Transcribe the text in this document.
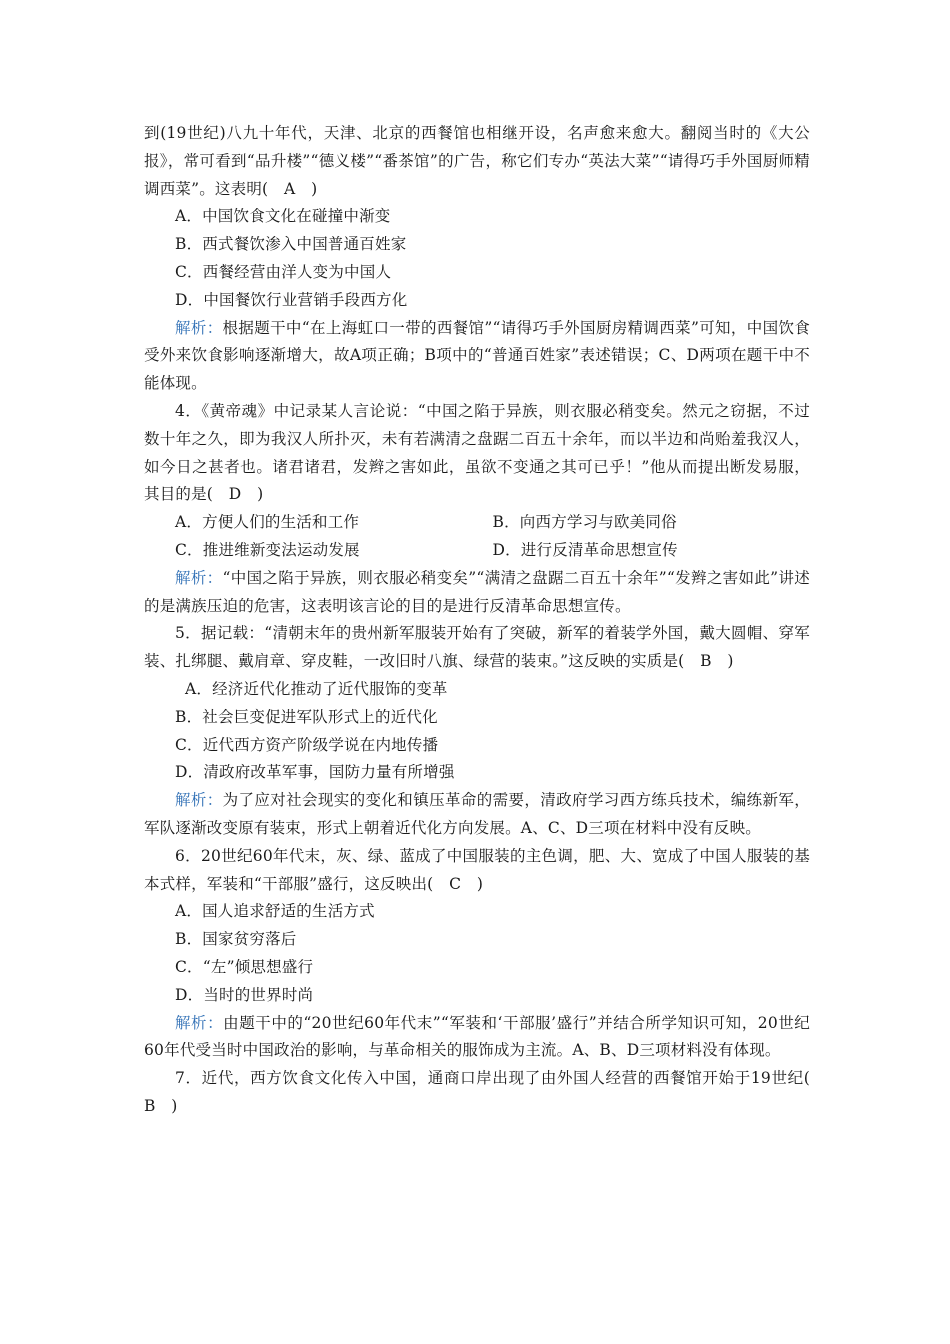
到(19世纪)八九十年代，天津、北京的西餐馆也相继开设，名声愈来愈大。翻阅当时的《大公报》，常可看到“品升楼”“德义楼”“番茶馆”的广告，称它们专办“英法大菜”“请得巧手外国厨师精调西菜”。这表明(　A　)

A．中国饮食文化在碰撞中渐变

B．西式餐饮渗入中国普通百姓家

C．西餐经营由洋人变为中国人

D．中国餐饮行业营销手段西方化

解析：根据题干中“在上海虹口一带的西餐馆”“请得巧手外国厨房精调西菜”可知，中国饮食受外来饮食影响逐渐增大，故A项正确；B项中的“普通百姓家”表述错误；C、D两项在题干中不能体现。

4．《黄帝魂》中记录某人言论说：“中国之陷于异族，则衣服必稍变矣。然元之窃据，不过数十年之久，即为我汉人所扑灭，未有若满清之盘踞二百五十余年，而以半边和尚贻羞我汉人，如今日之甚者也。诸君诸君，发辫之害如此，虽欲不变通之其可已乎！”他从而提出断发易服，其目的是(　D　)

A．方便人们的生活和工作	B．向西方学习与欧美同俗
C．推进维新变法运动发展	D．进行反清革命思想宣传

解析：“中国之陷于异族，则衣服必稍变矣”“满清之盘踞二百五十余年”“发辫之害如此”讲述的是满族压迫的危害，这表明该言论的目的是进行反清革命思想宣传。

5．据记载：“清朝末年的贵州新军服装开始有了突破，新军的着装学外国，戴大圆帽、穿军装、扎绑腿、戴肩章、穿皮鞋，一改旧时八旗、绿营的装束。”这反映的实质是(　B　)

A．经济近代化推动了近代服饰的变革

B．社会巨变促进军队形式上的近代化

C．近代西方资产阶级学说在内地传播

D．清政府改革军事，国防力量有所增强

解析：为了应对社会现实的变化和镇压革命的需要，清政府学习西方练兵技术，编练新军，军队逐渐改变原有装束，形式上朝着近代化方向发展。A、C、D三项在材料中没有反映。

6．20世纪60年代末，灰、绿、蓝成了中国服装的主色调，肥、大、宽成了中国人服装的基本式样，军装和“干部服”盛行，这反映出(　C　)

A．国人追求舒适的生活方式

B．国家贫穷落后

C．“左”倾思想盛行

D．当时的世界时尚

解析：由题干中的“20世纪60年代末”“军装和‘干部服’盛行”并结合所学知识可知，20世纪60年代受当时中国政治的影响，与革命相关的服饰成为主流。A、B、D三项材料没有体现。

7．近代，西方饮食文化传入中国，通商口岸出现了由外国人经营的西餐馆开始于19世纪(　B　)
